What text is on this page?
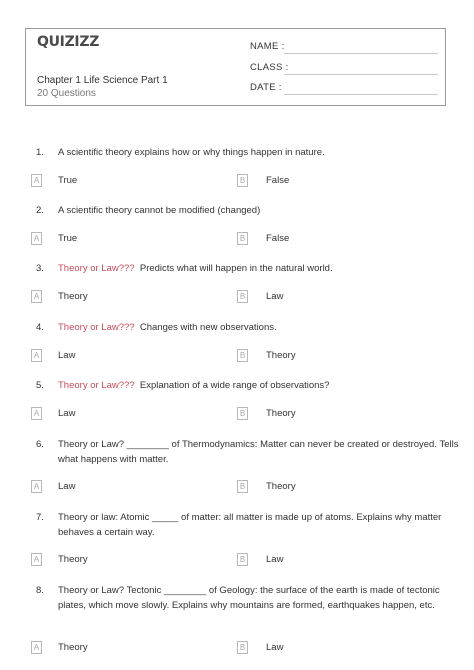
QUIZIZZ
Chapter 1 Life Science Part 1
20 Questions
NAME :
CLASS :
DATE :
1.	A scientific theory explains how or why things happen in nature.
A True	B False
2.	A scientific theory cannot be modified (changed)
A True	B False
3.	Theory or Law??? Predicts what will happen in the natural world.
A Theory	B Law
4.	Theory or Law??? Changes with new observations.
A Law	B Theory
5.	Theory or Law??? Explanation of a wide range of observations?
A Law	B Theory
6.	Theory or Law? ________ of Thermodynamics: Matter can never be created or destroyed. Tells what happens with matter.
A Law	B Theory
7.	Theory or law: Atomic _____ of matter: all matter is made up of atoms. Explains why matter behaves a certain way.
A Theory	B Law
8.	Theory or Law? Tectonic ________ of Geology: the surface of the earth is made of tectonic plates, which move slowly. Explains why mountains are formed, earthquakes happen, etc.
A Theory	B Law
